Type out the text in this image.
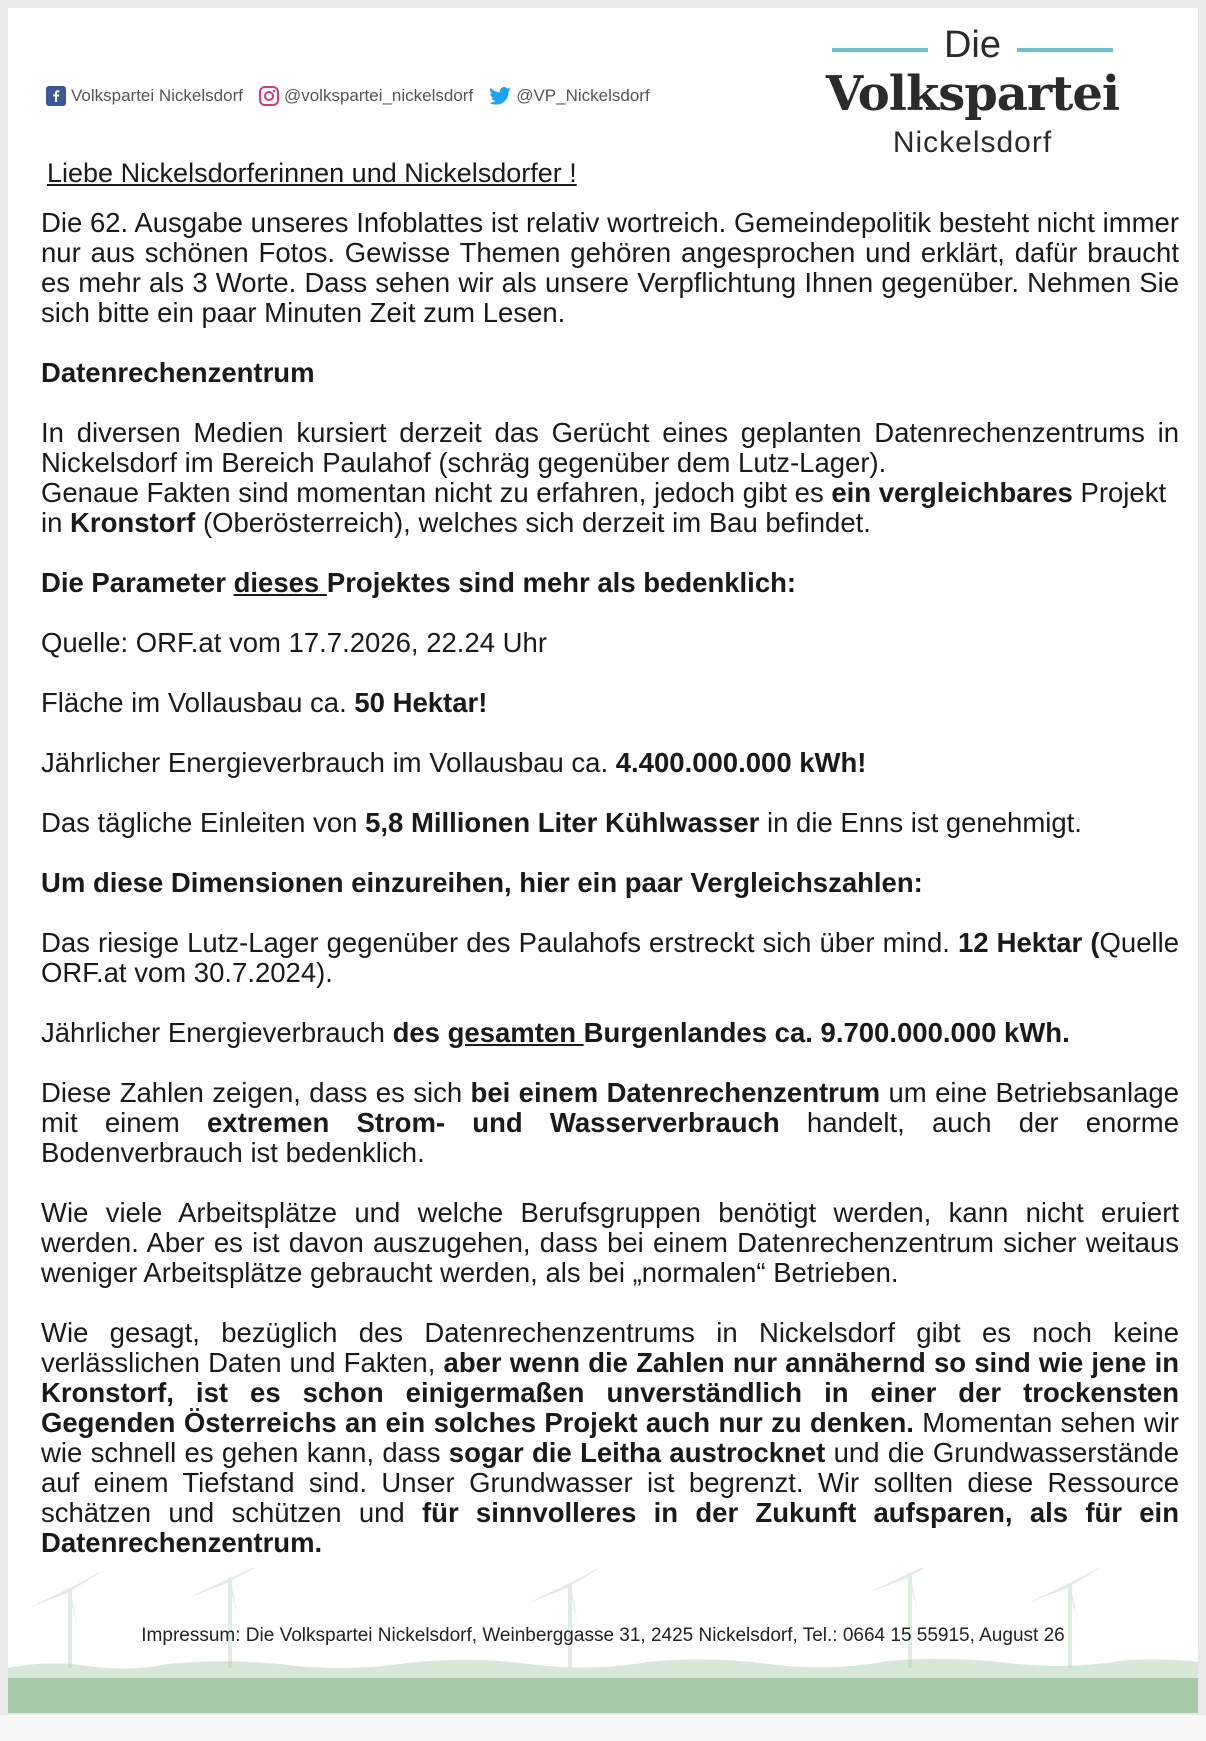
Volkspartei Nickelsdorf @volkspartei_nickelsdorf	@VP_Nickelsdorf
Die
Volkspartei
Nickelsdorf
Liebe Nickelsdorferinnen und Nickelsdorfer !

Die 62. Ausgabe unseres Infoblattes ist relativ wortreich. Gemeindepolitik besteht nicht immer nur aus schönen Fotos. Gewisse Themen gehören angesprochen und erklärt, dafür braucht es mehr als 3 Worte. Dass sehen wir als unsere Verpflichtung Ihnen gegenüber. Nehmen Sie sich bitte ein paar Minuten Zeit zum Lesen.

Datenrechenzentrum

In diversen Medien kursiert derzeit das Gerücht eines geplanten Datenrechenzentrums in Nickelsdorf im Bereich Paulahof (schräg gegenüber dem Lutz-Lager).

Genaue Fakten sind momentan nicht zu erfahren, jedoch gibt es ein vergleichbares Projekt in Kronstorf (Oberösterreich), welches sich derzeit im Bau befindet.

Die Parameter dieses Projektes sind mehr als bedenklich:

Quelle: ORF.at vom 17.7.2026, 22.24 Uhr

Fläche im Vollausbau ca. 50 Hektar!

Jährlicher Energieverbrauch im Vollausbau ca. 4.400.000.000 kWh!

Das tägliche Einleiten von 5,8 Millionen Liter Kühlwasser in die Enns ist genehmigt.

Um diese Dimensionen einzureihen, hier ein paar Vergleichszahlen:

Das riesige Lutz-Lager gegenüber des Paulahofs erstreckt sich über mind. 12 Hektar (Quelle ORF.at vom 30.7.2024).

Jährlicher Energieverbrauch des gesamten Burgenlandes ca. 9.700.000.000 kWh.

Diese Zahlen zeigen, dass es sich bei einem Datenrechenzentrum um eine Betriebsanlage mit einem extremen Strom- und Wasserverbrauch handelt, auch der enorme Bodenverbrauch ist bedenklich.

Wie viele Arbeitsplätze und welche Berufsgruppen benötigt werden, kann nicht eruiert werden. Aber es ist davon auszugehen, dass bei einem Datenrechenzentrum sicher weitaus weniger Arbeitsplätze gebraucht werden, als bei „normalen“ Betrieben.

Wie gesagt, bezüglich des Datenrechenzentrums in Nickelsdorf gibt es noch keine verlässlichen Daten und Fakten, aber wenn die Zahlen nur annähernd so sind wie jene in Kronstorf, ist es schon einigermaßen unverständlich in einer der trockensten Gegenden Österreichs an ein solches Projekt auch nur zu denken. Momentan sehen wir wie schnell es gehen kann, dass sogar die Leitha austrocknet und die Grundwasserstände auf einem Tiefstand sind. Unser Grundwasser ist begrenzt. Wir sollten diese Ressource schätzen und schützen und für sinnvolleres in der Zukunft aufsparen, als für ein Datenrechenzentrum.

Impressum: Die Volkspartei Nickelsdorf, Weinberggasse 31, 2425 Nickelsdorf, Tel.: 0664 15 55915, August 26
